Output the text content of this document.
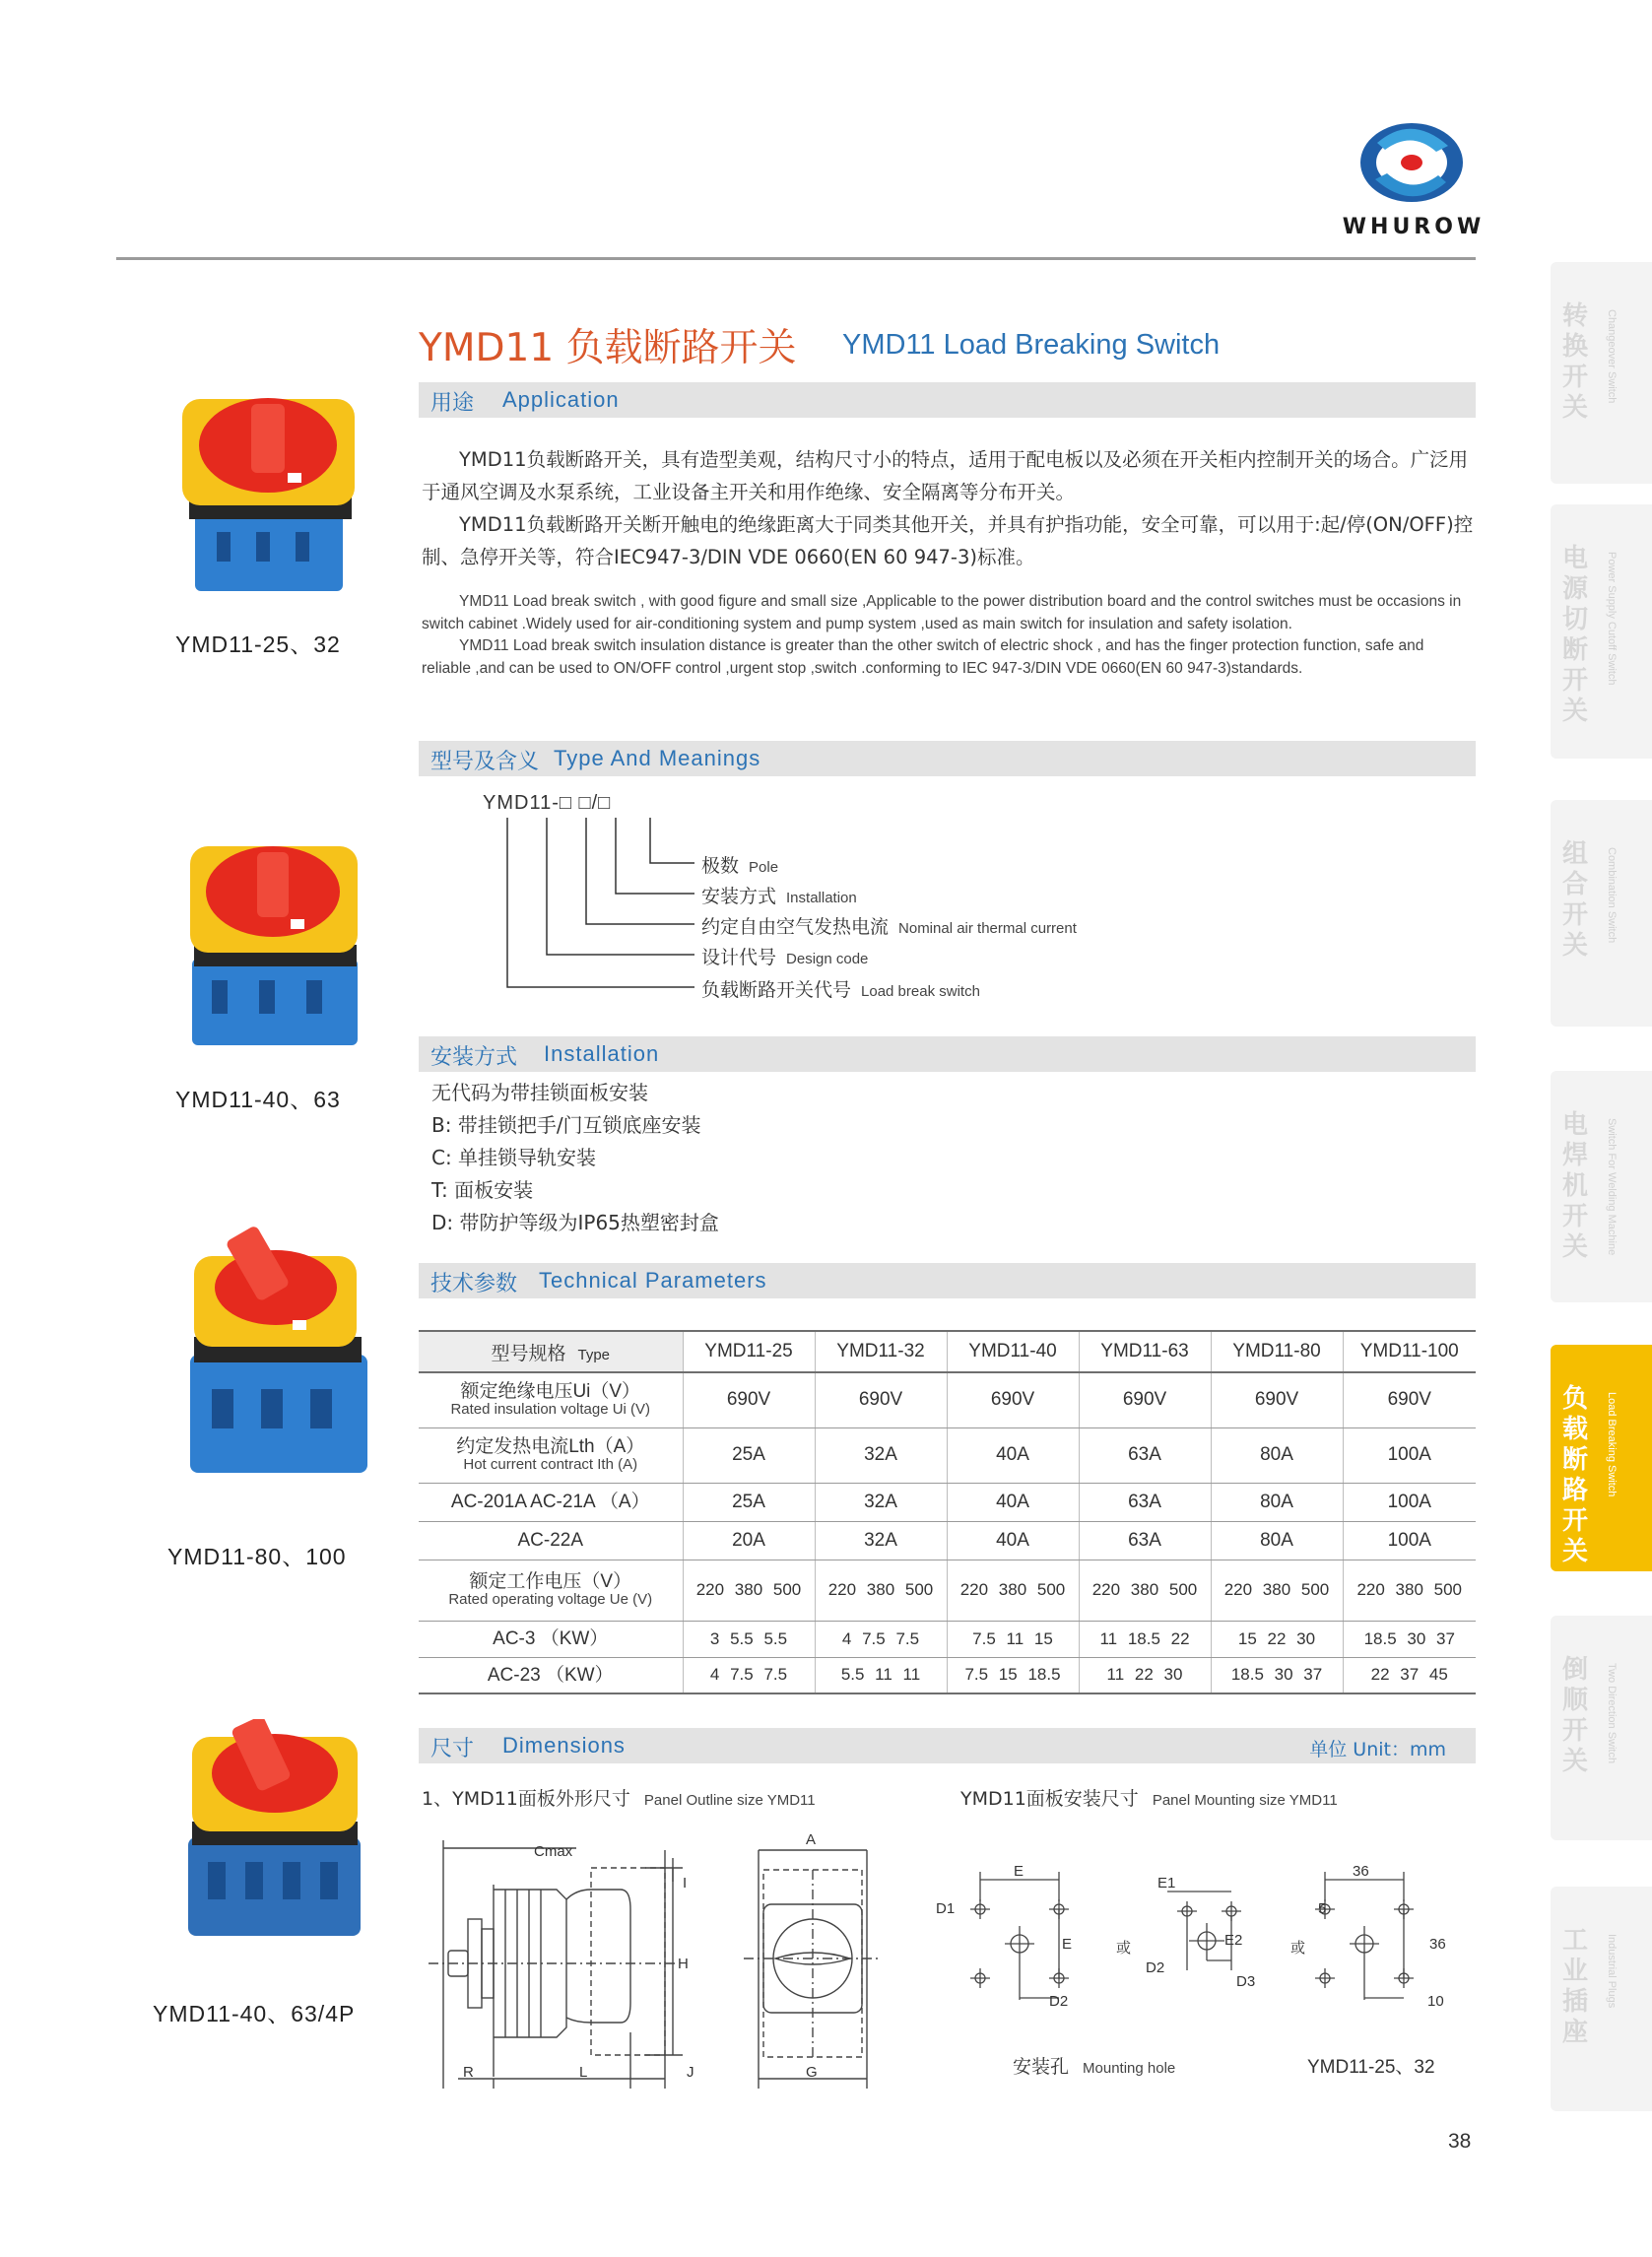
WHUROW
转换开关
Changeover Switch
电源切断开关
Power Supply Cutoff Switch
组合开关
Combination Switch
电焊机开关	Switch For Welding Machine
负载断路开关
Load Breaking Switch
倒顺开关	Two Direction Switch
工业插座
Industrial Plugs
YMD11 负载断路开关 YMD11 Load Breaking Switch
YMD11-25、32
YMD11-40、63
YMD11-80、100
YMD11-40、63/4P
用途 Application

YMD11负载断路开关，具有造型美观，结构尺寸小的特点，适用于配电板以及必须在开关柜内控制开关的场合。广泛用于通风空调及水泵系统，工业设备主开关和用作绝缘、安全隔离等分布开关。

YMD11负载断路开关断开触电的绝缘距离大于同类其他开关，并具有护指功能，安全可靠，可以用于:起/停(ON/OFF)控制、急停开关等，符合IEC947-3/DIN VDE 0660(EN 60 947-3)标准。

YMD11 Load break switch , with good figure and small size ,Applicable to the power distribution board and the control switches must be occasions in switch cabinet .Widely used for air-conditioning system and pump system ,used as main switch for insulation and safety isolation.

YMD11 Load break switch insulation distance is greater than the other switch of electric shock , and has the finger protection function, safe and reliable ,and can be used to ON/OFF control ,urgent stop ,switch .conforming to IEC 947-3/DIN VDE 0660(EN 60 947-3)standards.

型号及含义 Type And Meanings
YMD11-□ □/□
极数 Pole
安装方式 Installation
约定自由空气发热电流 Nominal air thermal current
设计代号 Design code
负载断路开关代号 Load break switch
安装方式 Installation
无代码为带挂锁面板安装
B: 带挂锁把手/门互锁底座安装
C: 单挂锁导轨安装
T: 面板安装
D: 带防护等级为IP65热塑密封盒
技术参数 Technical Parameters
型号规格 Type	YMD11-25	YMD11-32	YMD11-40	YMD11-63	YMD11-80	YMD11-100
额定绝缘电压Ui（V）
Rated insulation voltage Ui (V)	690V	690V	690V	690V	690V	690V
约定发热电流Lth（A）
Hot current contract Ith (A)	25A	32A	40A	63A	80A	100A
AC-201A AC-21A （A）	25A	32A	40A	63A	80A	100A
AC-22A	20A	32A	40A	63A	80A	100A
额定工作电压（V）
Rated operating voltage Ue (V)	220 380 500	220 380 500	220 380 500	220 380 500	220 380 500	220 380 500
AC-3 （KW）	3 5.5 5.5	4 7.5 7.5	7.5 11 15	11 18.5 22	15 22 30	18.5 30 37
AC-23 （KW）	4 7.5 7.5	5.5 11 11	7.5 15 18.5	11 22 30	18.5 30 37	22 37 45
尺寸 Dimensions	单位 Unit：mm
1、YMD11面板外形尺寸 Panel Outline size YMD11	YMD11面板安装尺寸 Panel Mounting size YMD11
Cmax
A
I
H
R	L	J	G
E
D1
E
D2
或
E1
E2
D2
D3
或
36
5
36
10
安装孔 Mounting hole	YMD11-25、32
38
